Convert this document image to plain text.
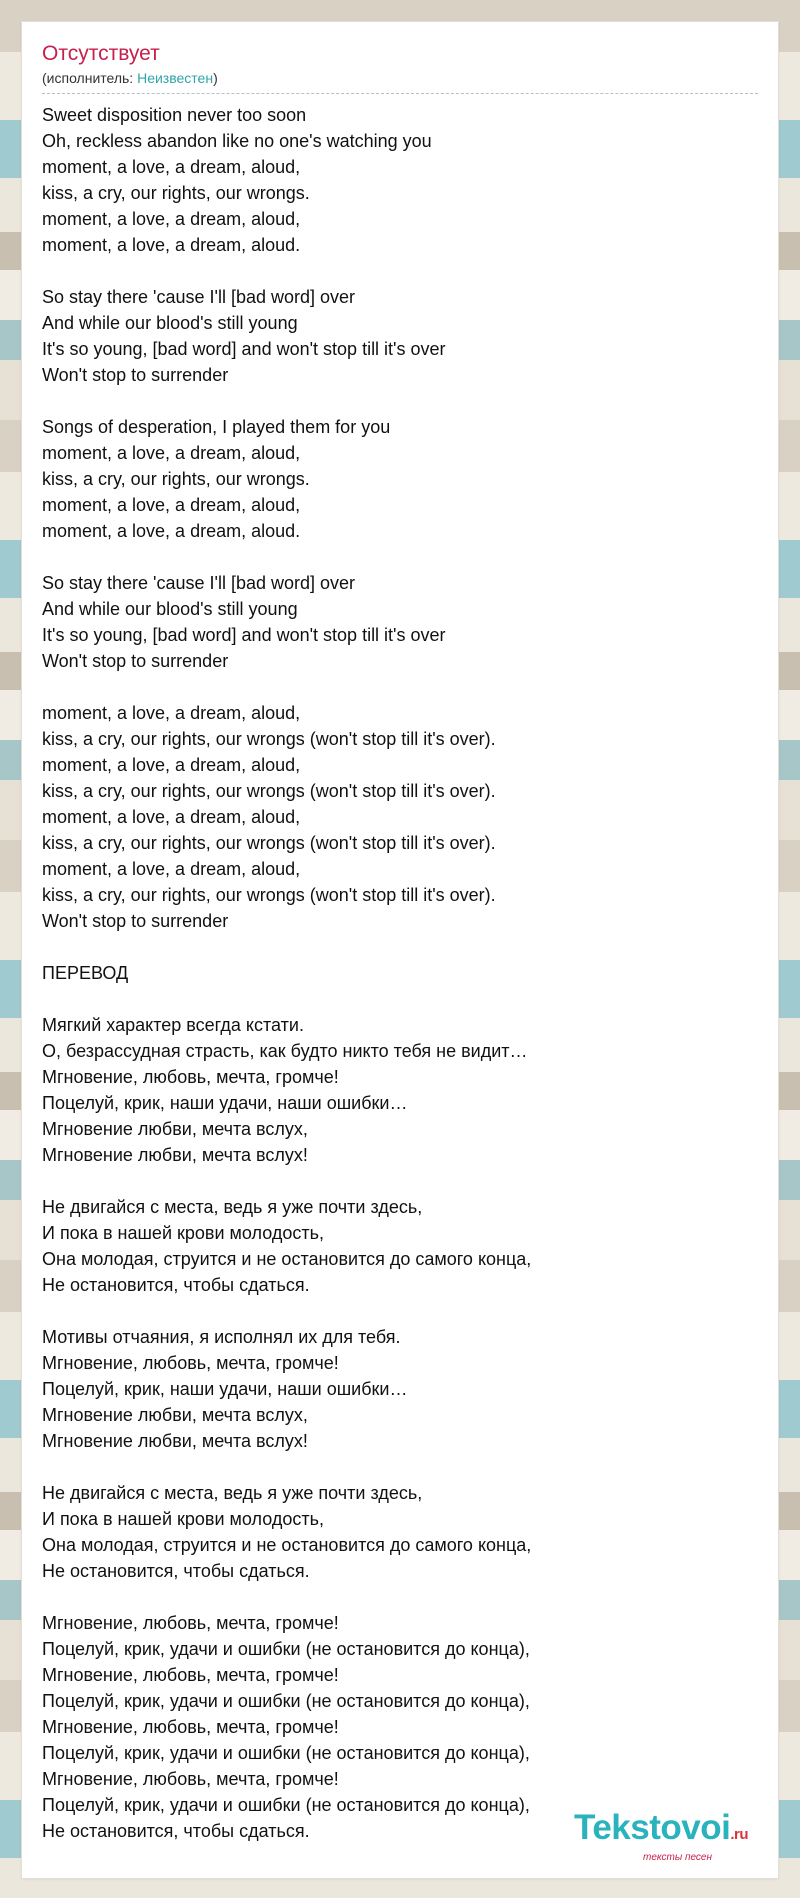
Отсутствует
(исполнитель: Неизвестен)
Sweet disposition never too soon
Oh, reckless abandon like no one's watching you
moment, a love, a dream, aloud,
kiss, a cry, our rights, our wrongs.
moment, a love, a dream, aloud,
moment, a love, a dream, aloud.
So stay there 'cause I'll [bad word] over
And while our blood's still young
It's so young, [bad word] and won't stop till it's over
Won't stop to surrender
Songs of desperation, I played them for you
moment, a love, a dream, aloud,
kiss, a cry, our rights, our wrongs.
moment, a love, a dream, aloud,
moment, a love, a dream, aloud.
So stay there 'cause I'll [bad word] over
And while our blood's still young
It's so young, [bad word] and won't stop till it's over
Won't stop to surrender
moment, a love, a dream, aloud,
kiss, a cry, our rights, our wrongs (won't stop till it's over).
moment, a love, a dream, aloud,
kiss, a cry, our rights, our wrongs (won't stop till it's over).
moment, a love, a dream, aloud,
kiss, a cry, our rights, our wrongs (won't stop till it's over).
moment, a love, a dream, aloud,
kiss, a cry, our rights, our wrongs (won't stop till it's over).
Won't stop to surrender
ПЕРЕВОД
Мягкий характер всегда кстати.
О, безрассудная страсть, как будто никто тебя не видит…
Мгновение, любовь, мечта, громче!
Поцелуй, крик, наши удачи, наши ошибки…
Мгновение любви, мечта вслух,
Мгновение любви, мечта вслух!
Не двигайся с места, ведь я уже почти здесь,
И пока в нашей крови молодость,
Она молодая, струится и не остановится до самого конца,
Не остановится, чтобы сдаться.
Мотивы отчаяния, я исполнял их для тебя.
Мгновение, любовь, мечта, громче!
Поцелуй, крик, наши удачи, наши ошибки…
Мгновение любви, мечта вслух,
Мгновение любви, мечта вслух!
Не двигайся с места, ведь я уже почти здесь,
И пока в нашей крови молодость,
Она молодая, струится и не остановится до самого конца,
Не остановится, чтобы сдаться.
Мгновение, любовь, мечта, громче!
Поцелуй, крик, удачи и ошибки (не остановится до конца),
Мгновение, любовь, мечта, громче!
Поцелуй, крик, удачи и ошибки (не остановится до конца),
Мгновение, любовь, мечта, громче!
Поцелуй, крик, удачи и ошибки (не остановится до конца),
Мгновение, любовь, мечта, громче!
Поцелуй, крик, удачи и ошибки (не остановится до конца),
Не остановится, чтобы сдаться.	Tekstovoi.ru
тексты песен
